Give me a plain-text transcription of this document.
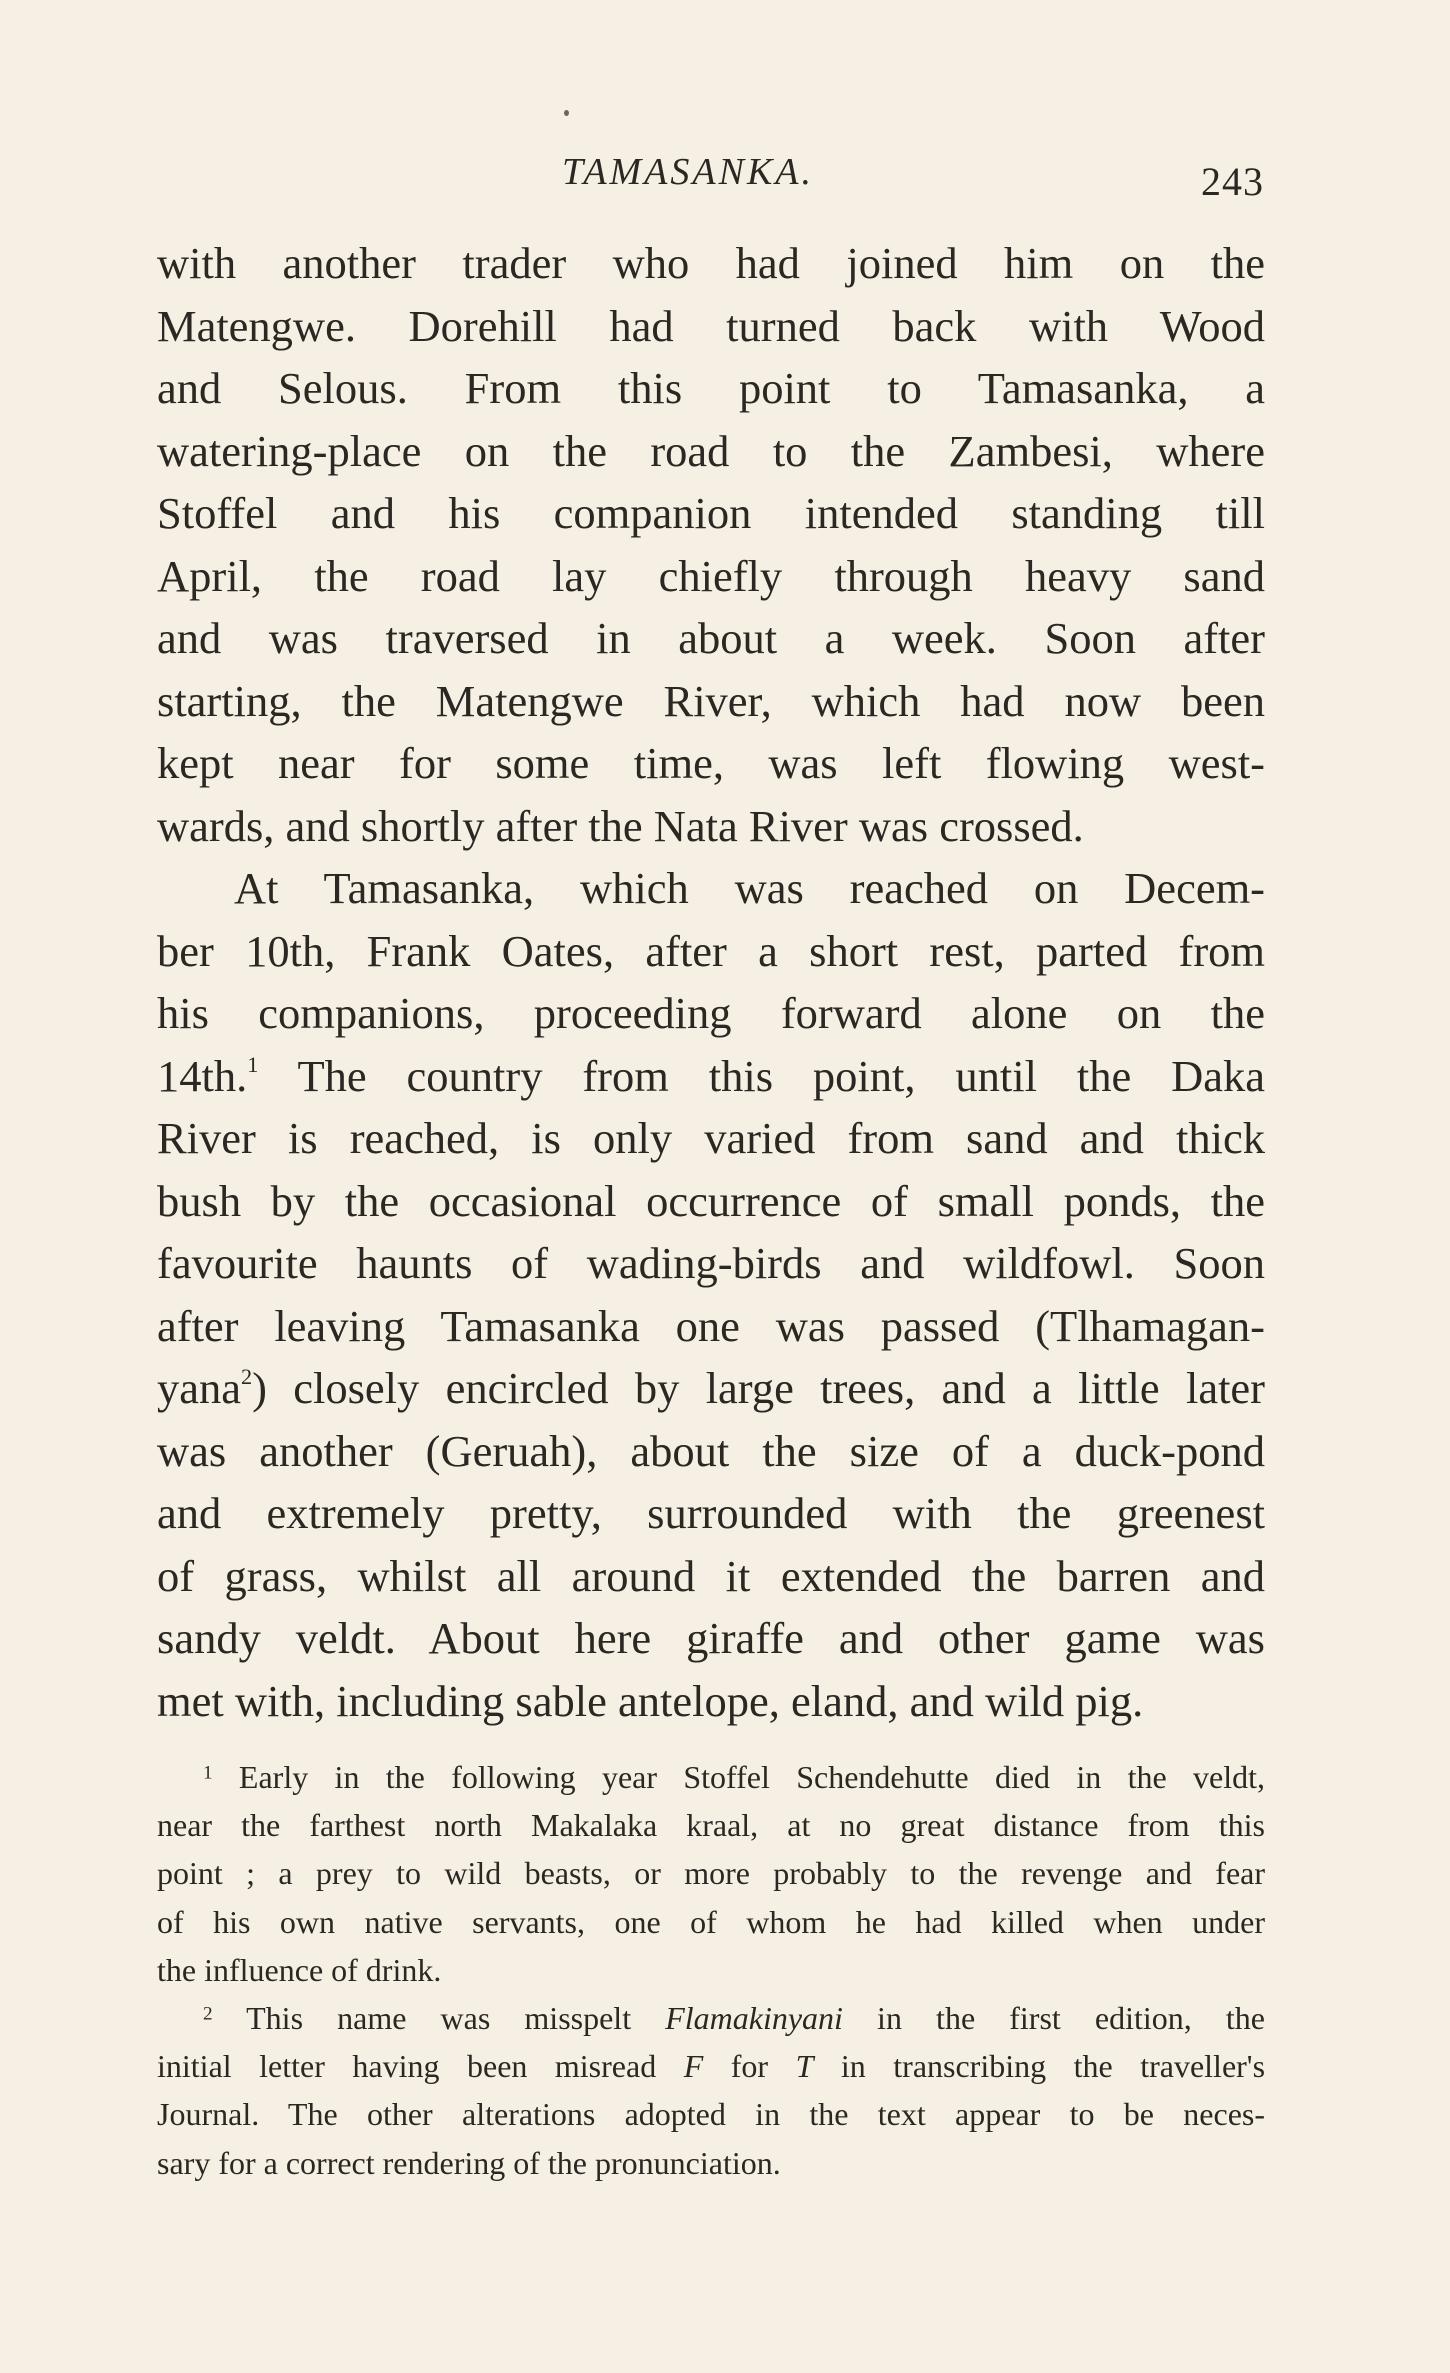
TAMASANKA.	243
with another trader who had joined him on the
Matengwe. Dorehill had turned back with Wood
and Selous. From this point to Tamasanka, a
watering-place on the road to the Zambesi, where
Stoffel and his companion intended standing till
April, the road lay chiefly through heavy sand
and was traversed in about a week. Soon after
starting, the Matengwe River, which had now been
kept near for some time, was left flowing west-
wards, and shortly after the Nata River was crossed.
At Tamasanka, which was reached on Decem-
ber 10th, Frank Oates, after a short rest, parted from
his companions, proceeding forward alone on the
14th.$^1$ The country from this point, until the Daka
River is reached, is only varied from sand and thick
bush by the occasional occurrence of small ponds, the
favourite haunts of wading-birds and wildfowl. Soon
after leaving Tamasanka one was passed (Tlhamagan-
yana$^2$) closely encircled by large trees, and a little later
was another (Geruah), about the size of a duck-pond
and extremely pretty, surrounded with the greenest
of grass, whilst all around it extended the barren and
sandy veldt. About here giraffe and other game was
met with, including sable antelope, eland, and wild pig.
$^1$ Early in the following year Stoffel Schendehutte died in the veldt,
near the farthest north Makalaka kraal, at no great distance from this
point ; a prey to wild beasts, or more probably to the revenge and fear
of his own native servants, one of whom he had killed when under
the influence of drink.
$^2$ This name was misspelt Flamakinyani in the first edition, the
initial letter having been misread F for T in transcribing the traveller's
Journal. The other alterations adopted in the text appear to be neces-
sary for a correct rendering of the pronunciation.
